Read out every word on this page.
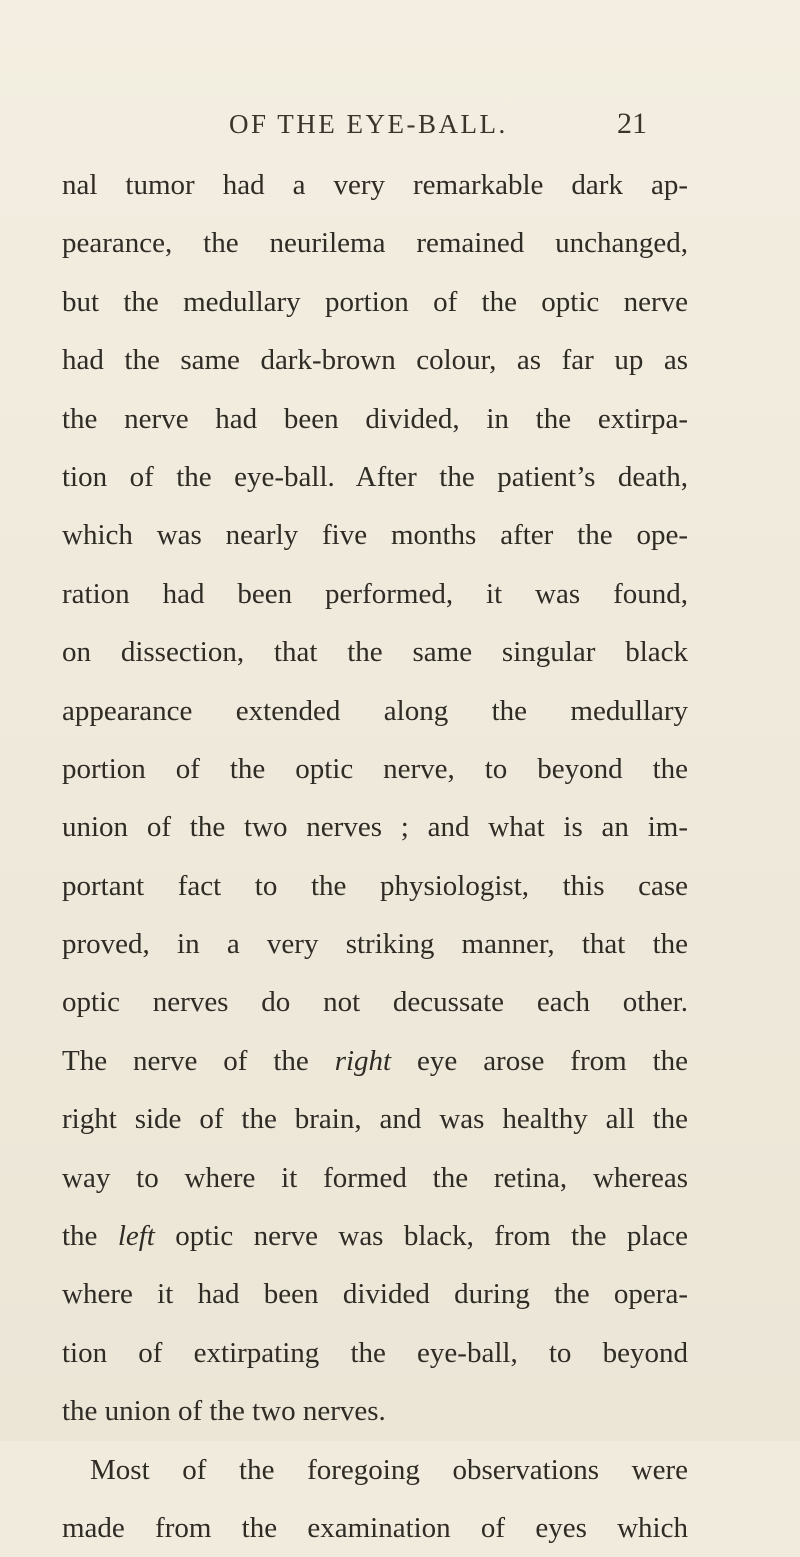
OF THE EYE-BALL.	21
nal tumor had a very remarkable dark ap-
pearance, the neurilema remained unchanged,
but the medullary portion of the optic nerve
had the same dark-brown colour, as far up as
the nerve had been divided, in the extirpa-
tion of the eye-ball. After the patient’s death,
which was nearly five months after the ope-
ration had been performed, it was found,
on dissection, that the same singular black
appearance extended along the medullary
portion of the optic nerve, to beyond the
union of the two nerves ; and what is an im-
portant fact to the physiologist, this case
proved, in a very striking manner, that the
optic nerves do not decussate each other.
The nerve of the right eye arose from the
right side of the brain, and was healthy all the
way to where it formed the retina, whereas
the left optic nerve was black, from the place
where it had been divided during the opera-
tion of extirpating the eye-ball, to beyond
the union of the two nerves.
Most of the foregoing observations were
made from the examination of eyes which
